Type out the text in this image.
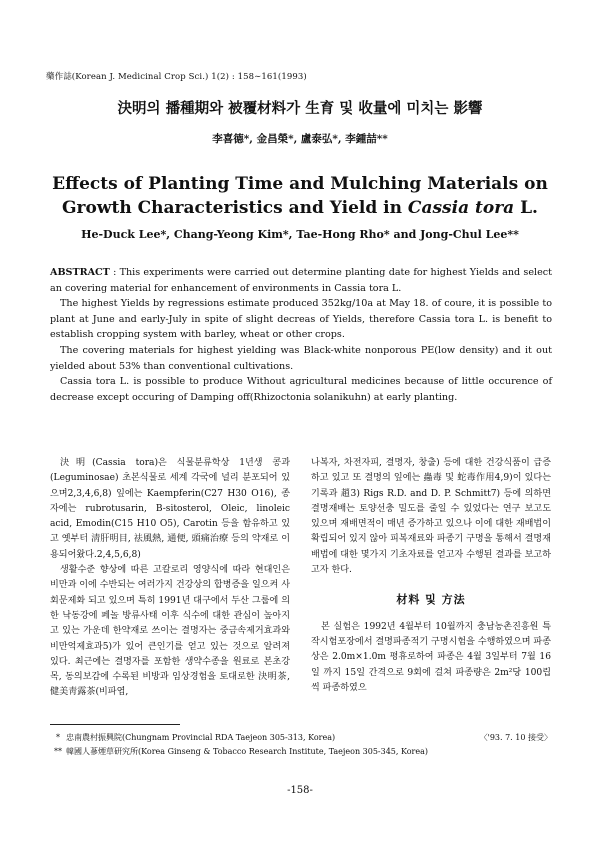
藥作誌(Korean J. Medicinal Crop Sci.) 1(2) : 158∼161(1993)
決明의 播種期와 被覆材料가 生育 및 收量에 미치는 影響
李喜德*, 金昌榮*, 盧泰弘*, 李鍾喆**
Effects of Planting Time and Mulching Materials on
Growth Characteristics and Yield in Cassia tora L.
He-Duck Lee*, Chang-Yeong Kim*, Tae-Hong Rho* and Jong-Chul Lee**

ABSTRACT : This experiments were carried out determine planting date for highest Yields and select an covering material for enhancement of environments in Cassia tora L.

The highest Yields by regressions estimate produced 352kg/10a at May 18. of coure, it is possible to plant at June and early-July in spite of slight decreas of Yields, therefore Cassia tora L. is benefit to establish cropping system with barley, wheat or other crops.

The covering materials for highest yielding was Black-white nonporous PE(low density) and it out yielded about 53% than conventional cultivations.

Cassia tora L. is possible to produce Without agricultural medicines because of little occurence of decrease except occuring of Damping off(Rhizoctonia solanikuhn) at early planting.

決明(Cassia tora)은 식물분류학상 1년생 콩과(Leguminosae) 초본식물로 세계 각국에 널리 분포되어 있으며2,3,4,6,8) 잎에는 Kaempferin(C27 H30 O16), 종자에는 rubrotusarin, B-sitosterol, Oleic, linoleic acid, Emodin(C15 H10 O5), Carotin 등을 함유하고 있고 옛부터 淸肝明目, 祛風熱, 通便, 頭痛治療 등의 약재로 이용되어왔다.2,4,5,6,8)

생활수준 향상에 따른 고칼로리 영양식에 따라 현대인은 비만과 이에 수반되는 여러가지 건강상의 합병증을 일으켜 사회문제화 되고 있으며 특히 1991년 대구에서 두산 그룹에 의한 낙동강에 페놀 방류사태 이후 식수에 대한 관심이 높아지고 있는 가운데 한약재로 쓰이는 결명자는 중금속제거효과와 비만억제효과5)가 있어 큰인기를 얻고 있는 것으로 알려져 있다. 최근에는 결명자를 포함한 생약수종을 원료로 본초강목, 동의보감에 수록된 비방과 임상경험을 토대로한 決明茶, 健美靑露茶(비파엽,

나복자, 차전자피, 결명자, 창출) 등에 대한 건강식품이 급증하고 있고 또 결명의 잎에는 蟲毒 및 蛇毒作用4,9)이 있다는 기록과 趙3) Rigs R.D. and D. P. Schmitt7) 등에 의하면 결명재배는 토양선충 밀도를 줄일 수 있었다는 연구 보고도 있으며 재배면적이 매년 증가하고 있으나 이에 대한 재배법이 확립되어 있지 않아 피복재료와 파종기 구명을 통해서 결명재배법에 대한 몇가지 기초자료를 얻고자 수행된 결과를 보고하고자 한다.

材料 및 方法

본 실험은 1992년 4월부터 10월까지 충남농촌진흥원 특작시험포장에서 결명파종적기 구명시험을 수행하였으며 파종상은 2.0m×1.0m 평휴로하여 파종은 4월 3일부터 7월 16일 까지 15일 간격으로 9회에 걸쳐 파종량은 2m²당 100립씩 파종하였으

* 忠南農村振興院(Chungnam Provincial RDA Taejeon 305-313, Korea)
** 韓國人蔘煙草研究所(Korea Ginseng & Tobacco Research Institute, Taejeon 305-345, Korea)
〈'93. 7. 10 接受〉
-158-
